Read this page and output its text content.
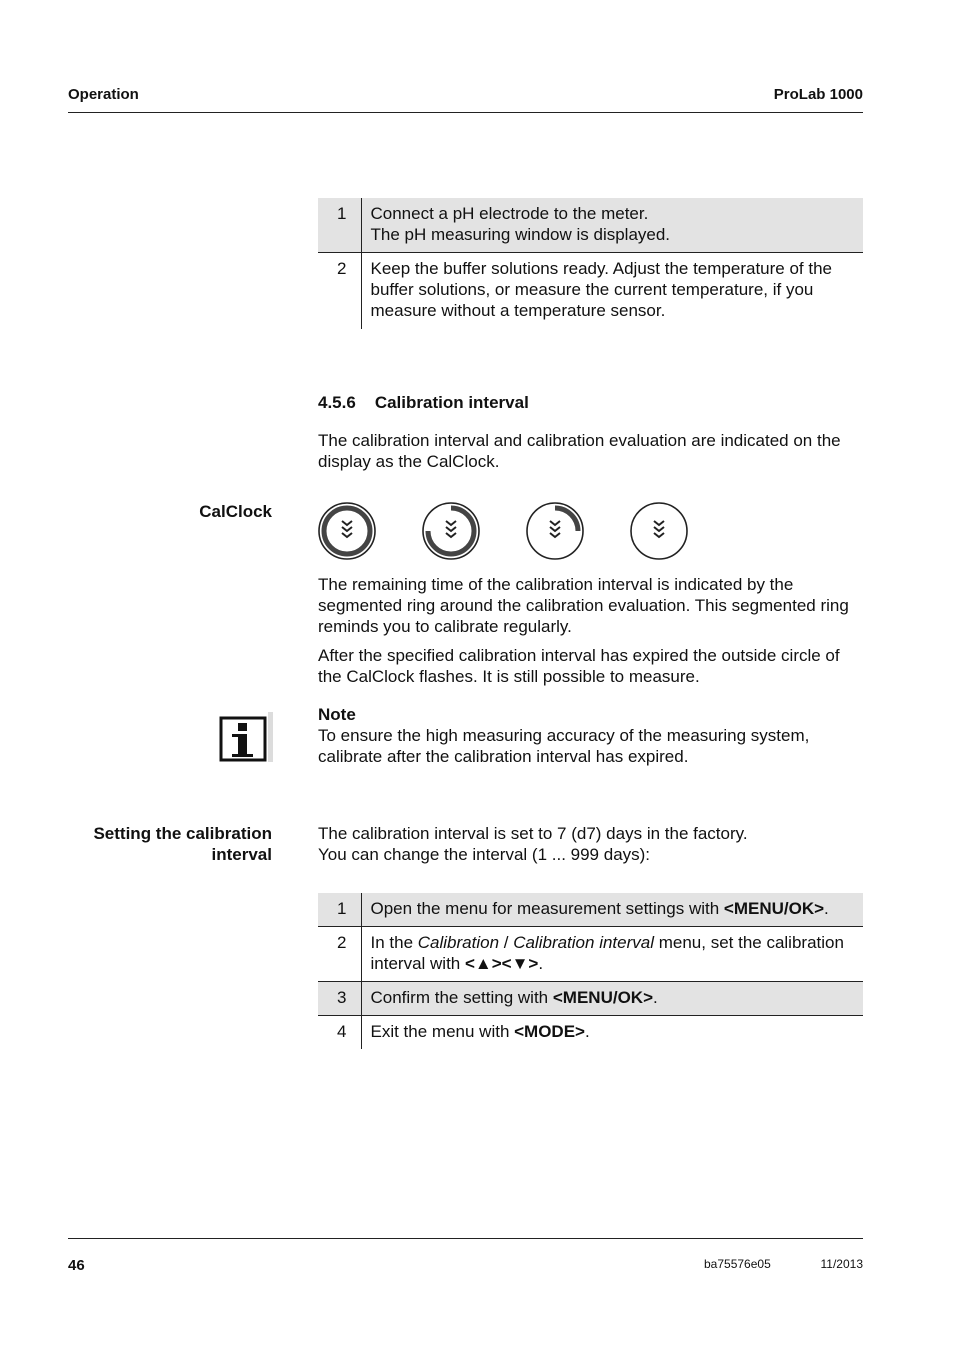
Operation	ProLab 1000
1	Connect a pH electrode to the meter.
The pH measuring window is displayed.

2	Keep the buffer solutions ready. Adjust the temperature of the
buffer solutions, or measure the current temperature, if you
measure without a temperature sensor.
4.5.6 Calibration interval
The calibration interval and calibration evaluation are indicated on the
display as the CalClock.
CalClock
The remaining time of the calibration interval is indicated by the
segmented ring around the calibration evaluation. This segmented ring
reminds you to calibrate regularly.
After the specified calibration interval has expired the outside circle of
the CalClock flashes. It is still possible to measure.
Note
To ensure the high measuring accuracy of the measuring system,
calibrate after the calibration interval has expired.
Setting the calibration
interval
The calibration interval is set to 7 (d7) days in the factory.
You can change the interval (1 ... 999 days):
1	Open the menu for measurement settings with <MENU/OK>.
2	In the Calibration / Calibration interval menu, set the calibration
interval with <▲><▼>.

3	Confirm the setting with <MENU/OK>.
4	Exit the menu with <MODE>.
46	ba75576e05	11/2013
